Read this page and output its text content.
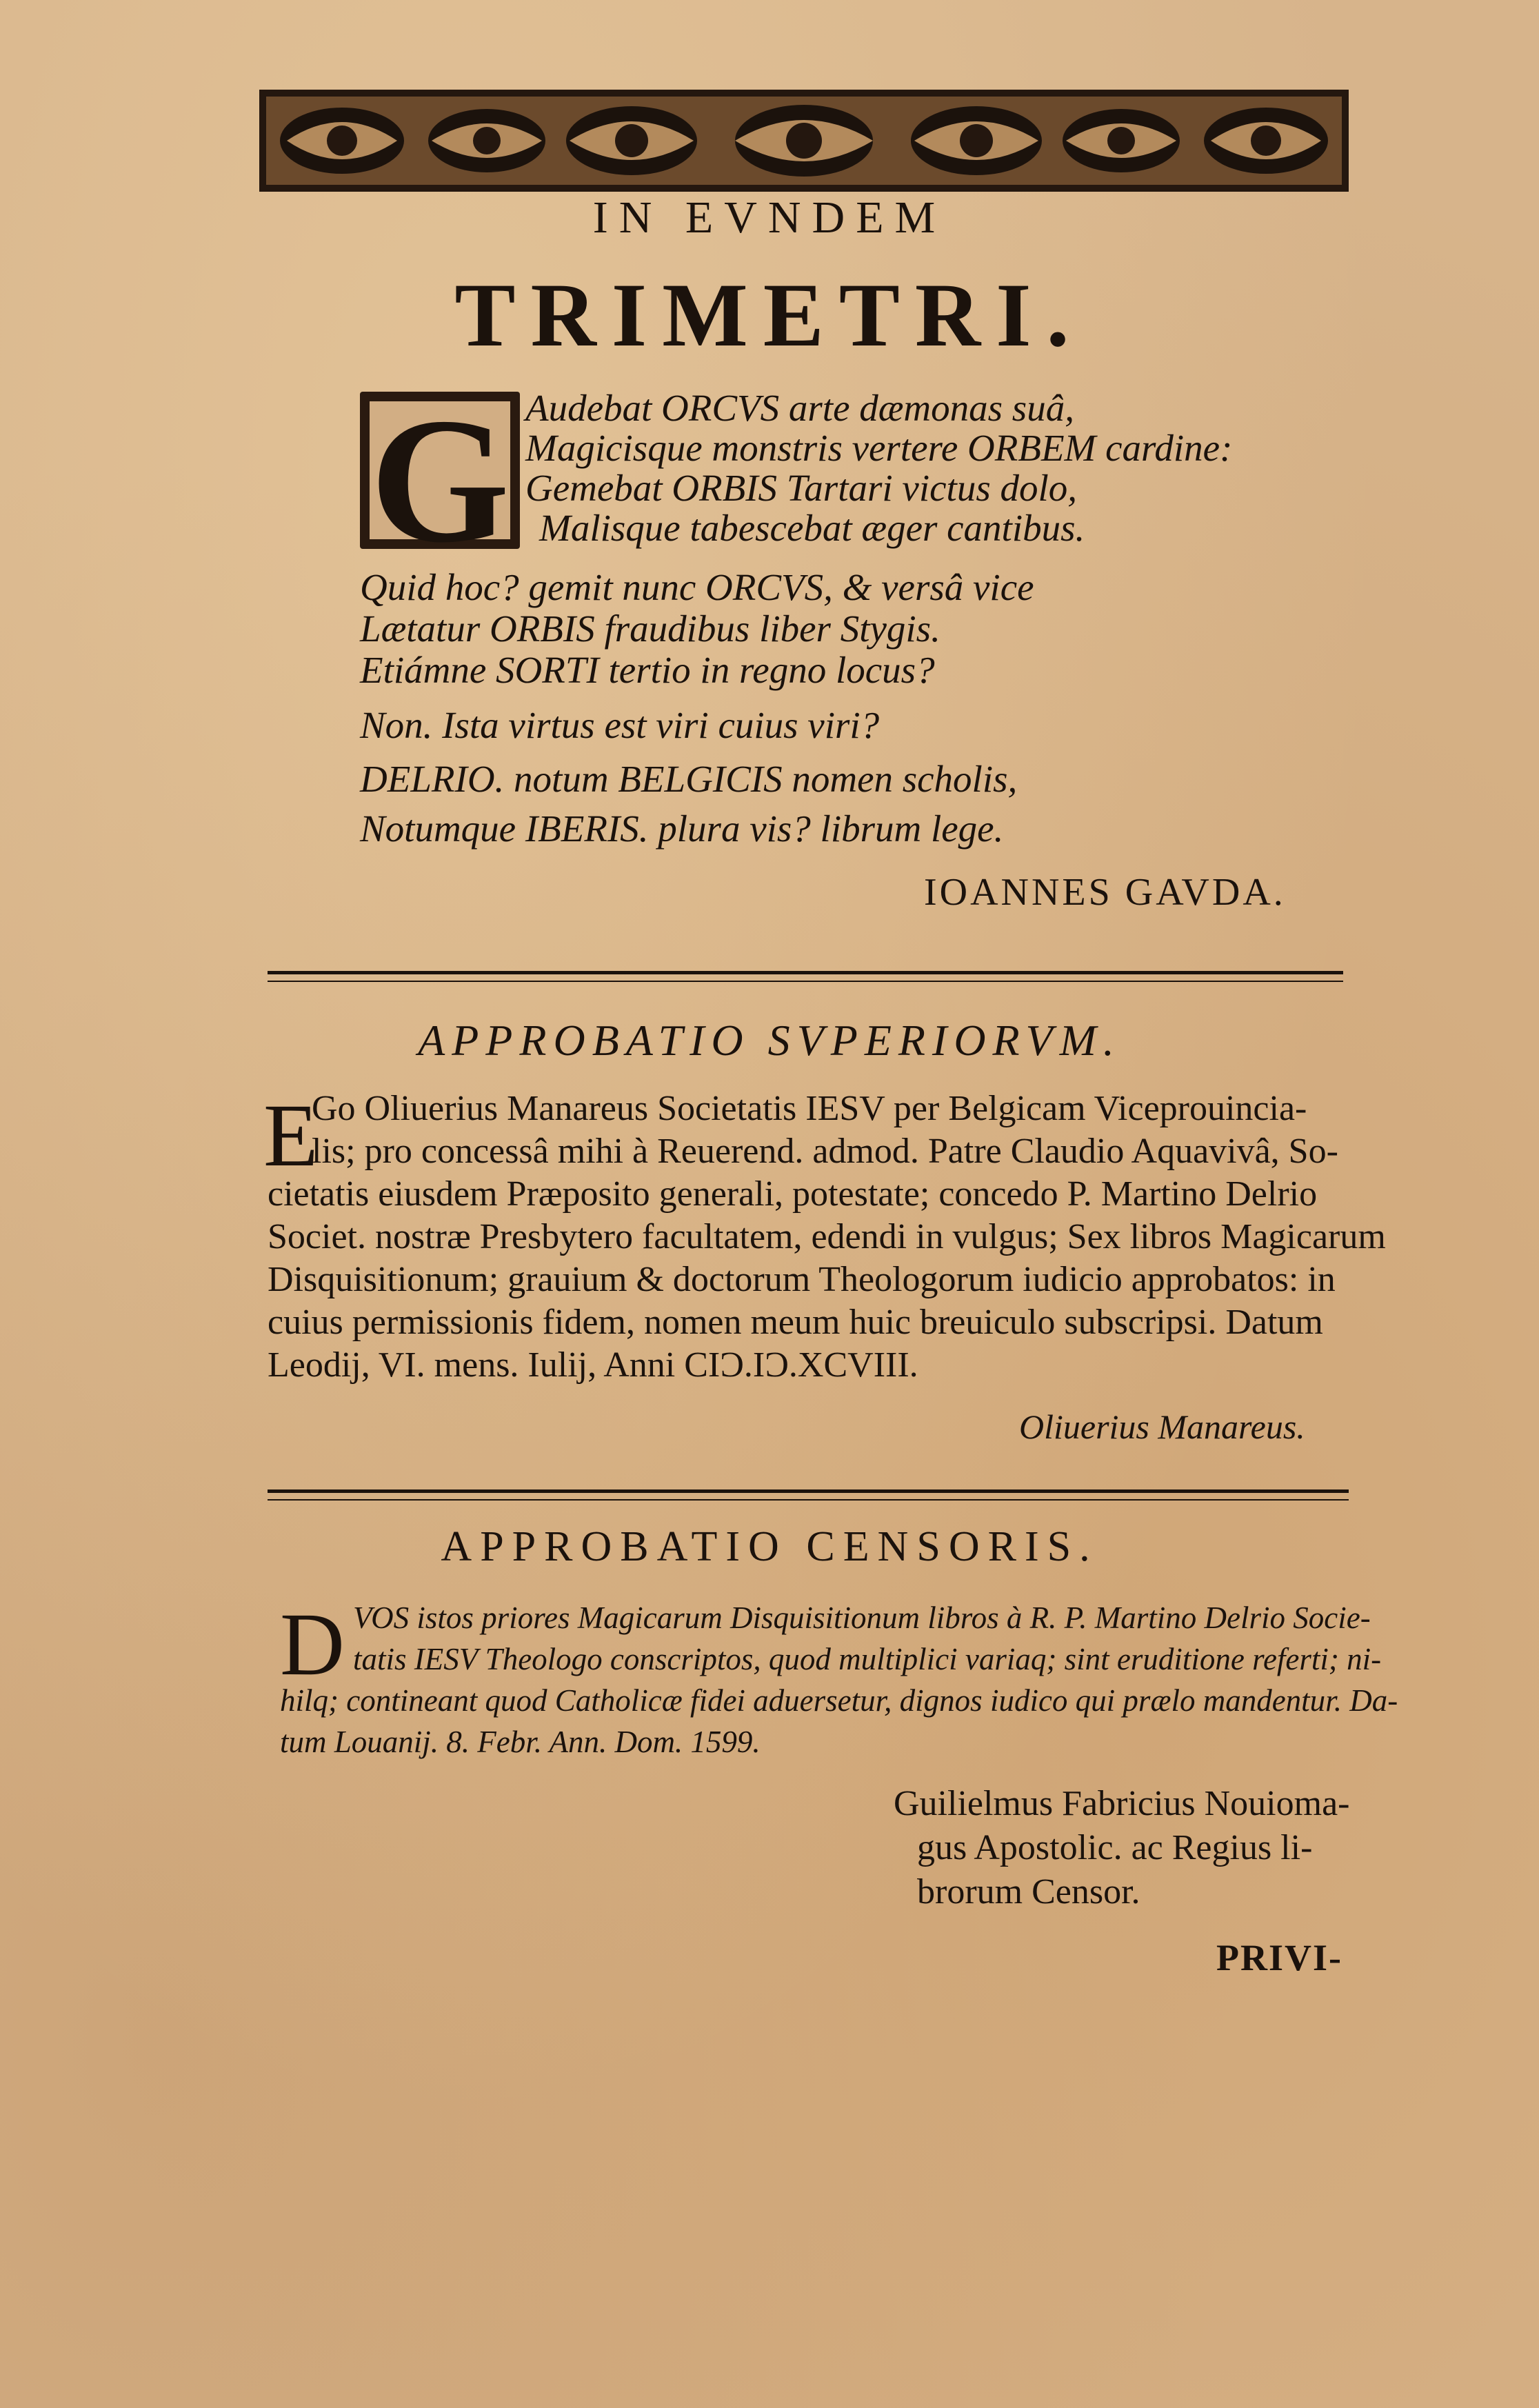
IN EVNDEM
TRIMETRI.
G Audebat ORCVS arte dæmonas suâ,
Magicisque monstris vertere ORBEM cardine:
Gemebat ORBIS Tartari victus dolo,
Malisque tabescebat æger cantibus.
Quid hoc? gemit nunc ORCVS, & versâ vice
Lætatur ORBIS fraudibus liber Stygis.
Etiámne SORTI tertio in regno locus?
Non. Ista virtus est viri cuius viri?
DELRIO. notum BELGICIS nomen scholis,
Notumque IBERIS. plura vis? librum lege.
IOANNES GAVDA.
APPROBATIO SVPERIORVM.
E
Go Oliuerius Manareus Societatis IESV per Belgicam Viceprouincia-
lis; pro concessâ mihi à Reuerend. admod. Patre Claudio Aquavivâ, So-
cietatis eiusdem Præposito generali, potestate; concedo P. Martino Delrio
Societ. nostræ Presbytero facultatem, edendi in vulgus; Sex libros Magicarum
Disquisitionum; grauium & doctorum Theologorum iudicio approbatos: in
cuius permissionis fidem, nomen meum huic breuiculo subscripsi. Datum
Leodij, VI. mens. Iulij, Anni CIƆ.IƆ.XCVIII.
Oliuerius Manareus.
APPROBATIO CENSORIS.
D VOS istos priores Magicarum Disquisitionum libros à R. P. Martino Delrio Socie-
tatis IESV Theologo conscriptos, quod multiplici variaq; sint eruditione referti; ni-
hilq; contineant quod Catholicæ fidei aduersetur, dignos iudico qui prælo mandentur. Da-
tum Louanij. 8. Febr. Ann. Dom. 1599.
Guilielmus Fabricius Nouioma-
gus Apostolic. ac Regius li-
brorum Censor.
PRIVI-
